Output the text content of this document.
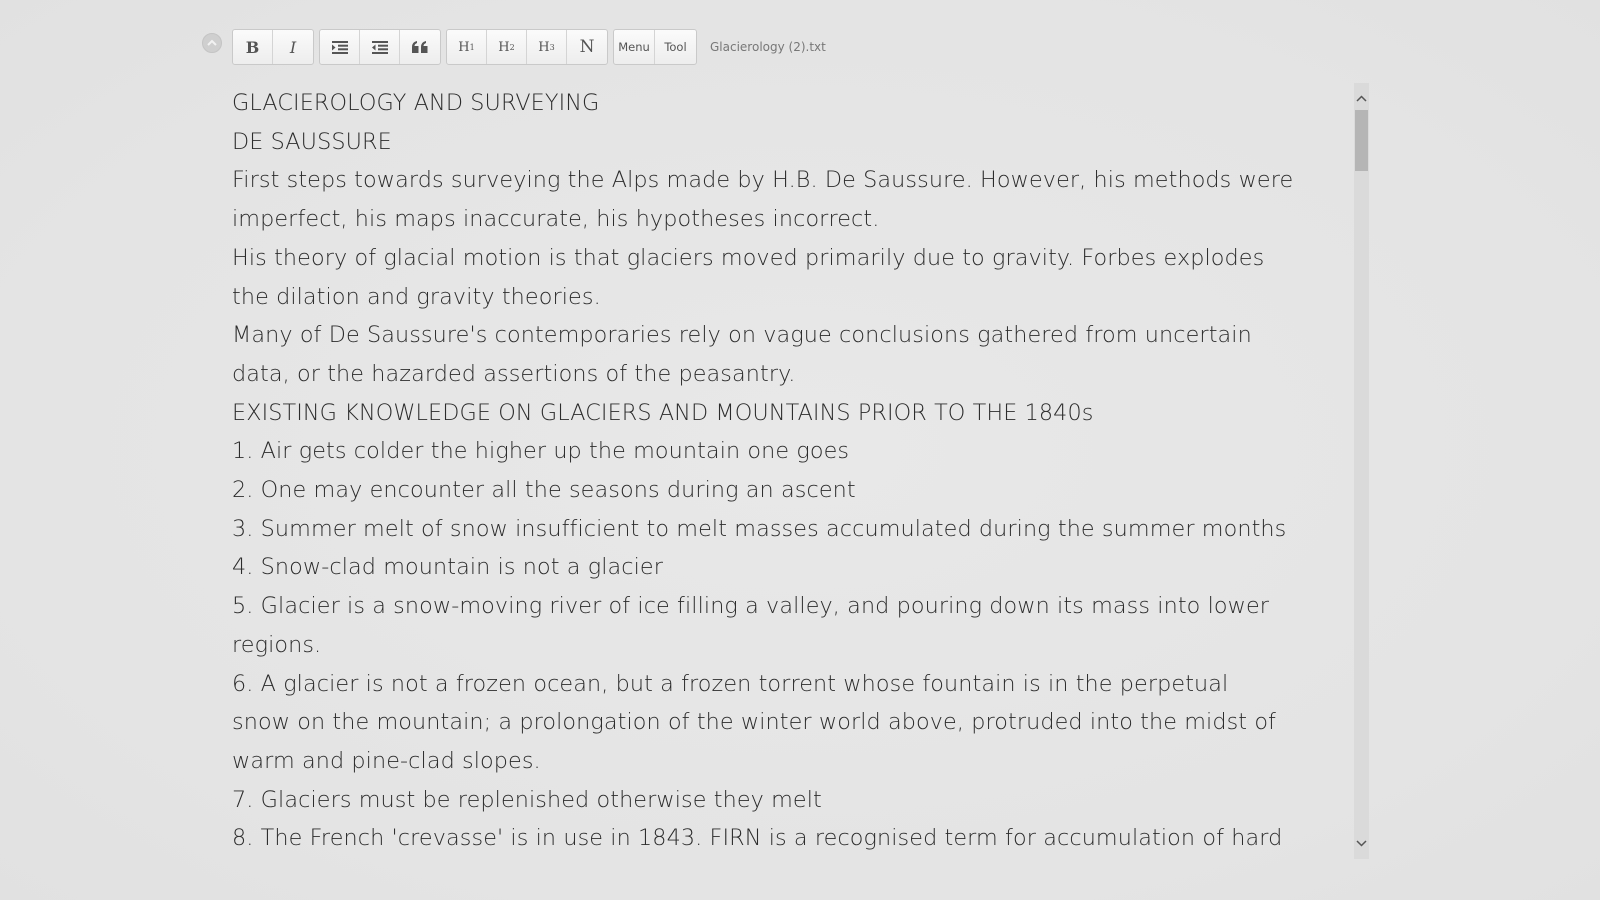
B	I	H 1 H 2 H 3	N	Menu	Tool	Glacierology (2).txt
GLACIEROLOGY AND SURVEYING
DE SAUSSURE
First steps towards surveying the Alps made by H.B. De Saussure. However, his methods were
imperfect, his maps inaccurate, his hypotheses incorrect.
His theory of glacial motion is that glaciers moved primarily due to gravity. Forbes explodes
the dilation and gravity theories.
Many of De Saussure's contemporaries rely on vague conclusions gathered from uncertain
data, or the hazarded assertions of the peasantry.
EXISTING KNOWLEDGE ON GLACIERS AND MOUNTAINS PRIOR TO THE 1840s
1. Air gets colder the higher up the mountain one goes
2. One may encounter all the seasons during an ascent
3. Summer melt of snow insufficient to melt masses accumulated during the summer months
4. Snow-clad mountain is not a glacier
5. Glacier is a snow-moving river of ice filling a valley, and pouring down its mass into lower
regions.
6. A glacier is not a frozen ocean, but a frozen torrent whose fountain is in the perpetual
snow on the mountain; a prolongation of the winter world above, protruded into the midst of
warm and pine-clad slopes.
7. Glaciers must be replenished otherwise they melt
8. The French 'crevasse' is in use in 1843. FIRN is a recognised term for accumulation of hard
